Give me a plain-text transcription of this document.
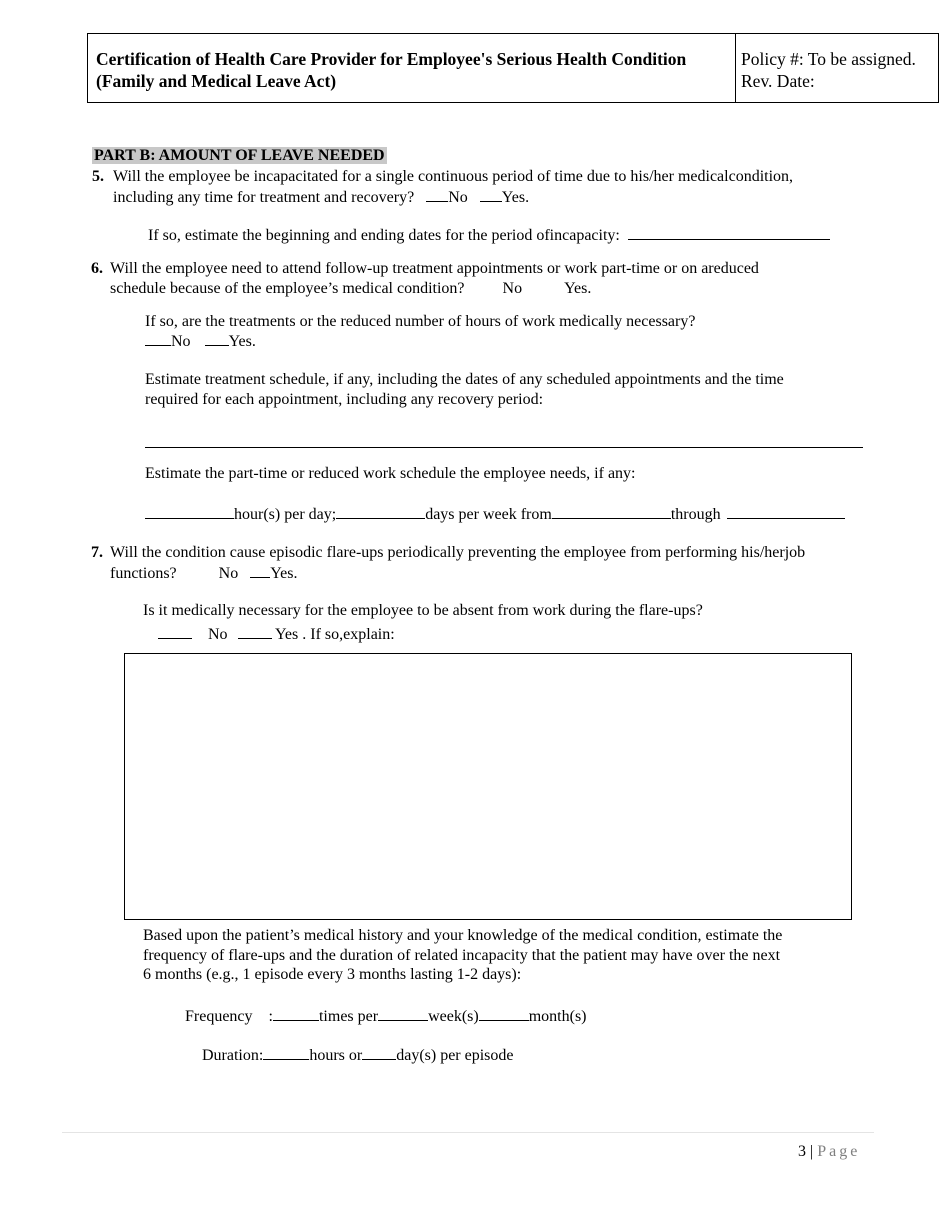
Certification of Health Care Provider for Employee's Serious Health Condition (Family and Medical Leave Act)
Policy #: To be assigned.
Rev. Date:
PART B: AMOUNT OF LEAVE NEEDED
5. Will the employee be incapacitated for a single continuous period of time due to his/her medicalcondition,
including any time for treatment and recovery? No Yes.
If so, estimate the beginning and ending dates for the period ofincapacity:
6. Will the employee need to attend follow-up treatment appointments or work part-time or on areduced
schedule because of the employee’s medical condition? No	Yes.
If so, are the treatments or the reduced number of hours of work medically necessary?
No Yes.
Estimate treatment schedule, if any, including the dates of any scheduled appointments and the time
required for each appointment, including any recovery period:
Estimate the part-time or reduced work schedule the employee needs, if any:
hour(s) per day;	days per week from	through
7. Will the condition cause episodic flare-ups periodically preventing the employee from performing his/herjob
functions?	No Yes.
Is it medically necessary for the employee to be absent from work during the flare-ups?
No	Yes . If so,explain:
Based upon the patient’s medical history and your knowledge of the medical condition, estimate the
frequency of flare-ups and the duration of related incapacity that the patient may have over the next
6 months (e.g., 1 episode every 3 months lasting 1-2 days):
Frequency :	times per	week(s)	month(s)
Duration:	hours or day(s) per episode
3 | Page
